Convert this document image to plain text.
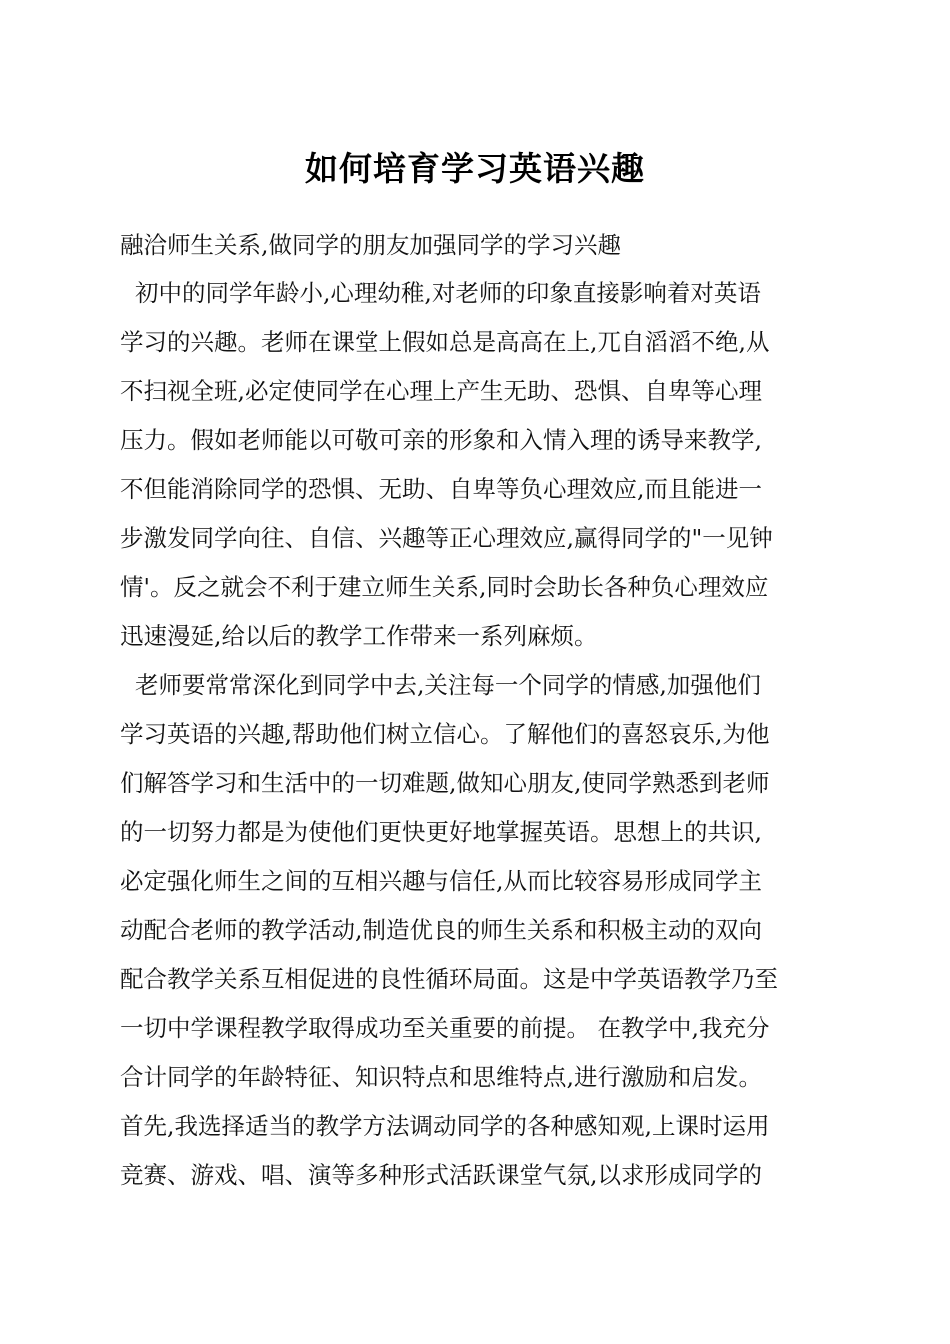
如何培育学习英语兴趣

融洽师生关系,做同学的朋友加强同学的学习兴趣

初中的同学年龄小,心理幼稚,对老师的印象直接影响着对英语

学习的兴趣。老师在课堂上假如总是高高在上,兀自滔滔不绝,从

不扫视全班,必定使同学在心理上产生无助、恐惧、自卑等心理

压力。假如老师能以可敬可亲的形象和入情入理的诱导来教学,

不但能消除同学的恐惧、无助、自卑等负心理效应,而且能进一

步激发同学向往、自信、兴趣等正心理效应,赢得同学的"一见钟

情'。反之就会不利于建立师生关系,同时会助长各种负心理效应

迅速漫延,给以后的教学工作带来一系列麻烦。

老师要常常深化到同学中去,关注每一个同学的情感,加强他们

学习英语的兴趣,帮助他们树立信心。了解他们的喜怒哀乐,为他

们解答学习和生活中的一切难题,做知心朋友,使同学熟悉到老师

的一切努力都是为使他们更快更好地掌握英语。思想上的共识,

必定强化师生之间的互相兴趣与信任,从而比较容易形成同学主

动配合老师的教学活动,制造优良的师生关系和积极主动的双向

配合教学关系互相促进的良性循环局面。这是中学英语教学乃至

一切中学课程教学取得成功至关重要的前提。 在教学中,我充分

合计同学的年龄特征、知识特点和思维特点,进行激励和启发。

首先,我选择适当的教学方法调动同学的各种感知观,上课时运用

竞赛、游戏、唱、演等多种形式活跃课堂气氛,以求形成同学的
